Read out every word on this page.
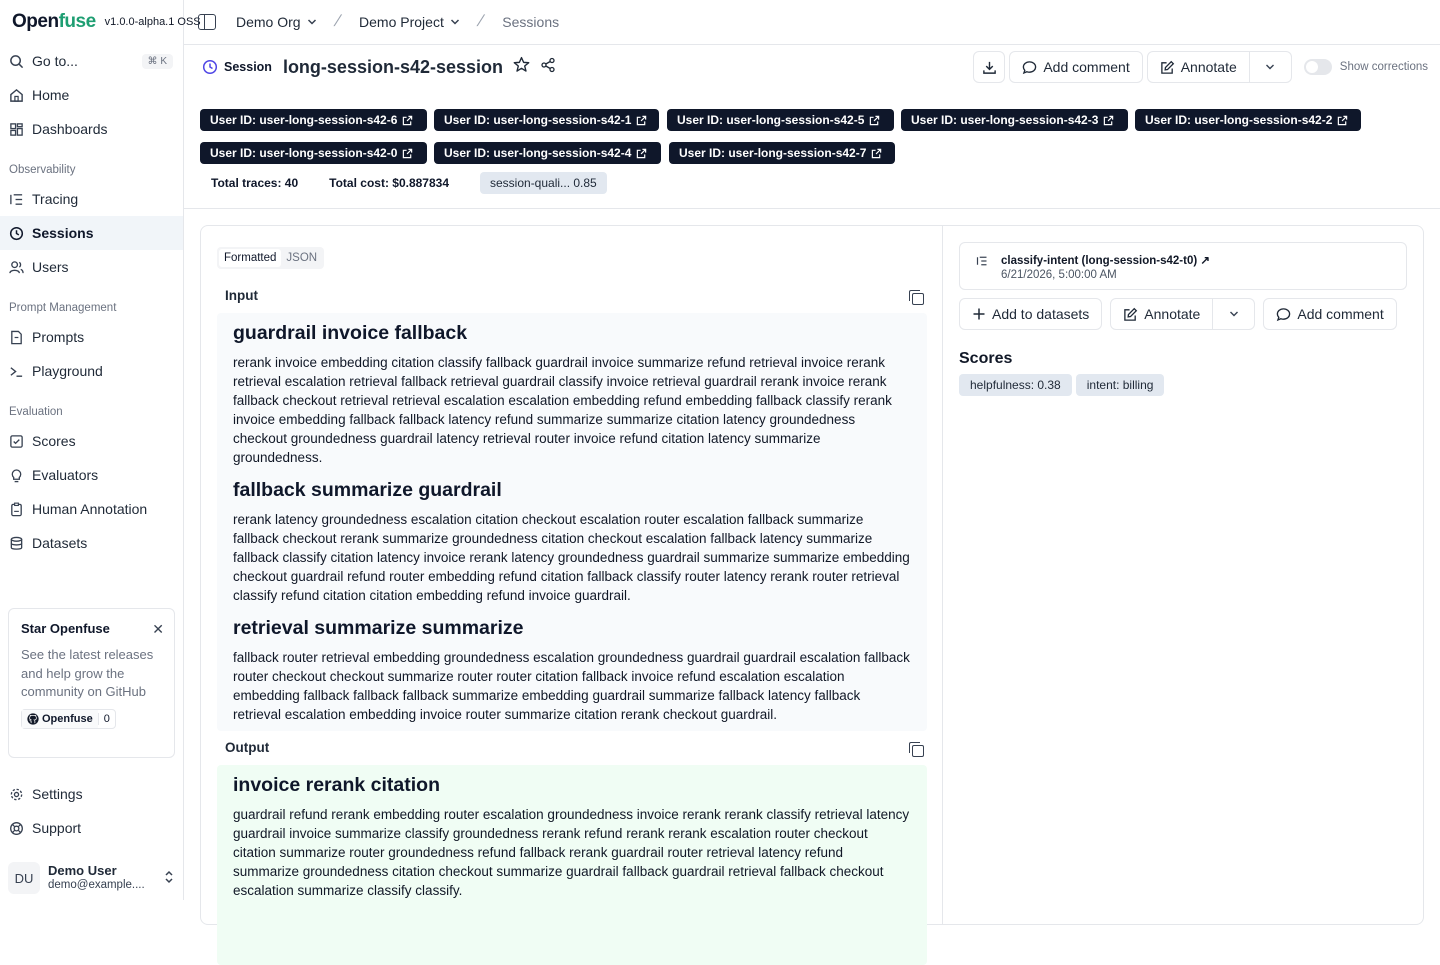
Openfuse v1.0.0-alpha.1 OSS
Go to...	⌘ K
Home
Dashboards
Observability
Tracing
Sessions
Users
Prompt Management
Prompts
Playground
Evaluation
Scores
Evaluators
Human Annotation
Datasets
Star Openfuse	✕
See the latest releases and help grow the community on GitHub
Openfuse	0
Settings
Support
DU	Demo User
demo@example....
Demo Org / Demo Project / Sessions
Session long-session-s42-session	Add comment	Annotate	Show corrections
User ID: user-long-session-s42-6	User ID: user-long-session-s42-1	User ID: user-long-session-s42-5	User ID: user-long-session-s42-3	User ID: user-long-session-s42-2
User ID: user-long-session-s42-0	User ID: user-long-session-s42-4	User ID: user-long-session-s42-7
Total traces: 40	Total cost: $0.887834	session-quali... 0.85
Formatted JSON
Input
guardrail invoice fallback

rerank invoice embedding citation classify fallback guardrail invoice summarize refund retrieval invoice rerank retrieval escalation retrieval fallback retrieval guardrail classify invoice retrieval guardrail rerank invoice rerank fallback checkout retrieval retrieval escalation escalation embedding refund embedding fallback classify rerank invoice embedding fallback fallback latency refund summarize summarize citation latency groundedness checkout groundedness guardrail latency retrieval router invoice refund citation latency summarize groundedness.

fallback summarize guardrail

rerank latency groundedness escalation citation checkout escalation router escalation fallback summarize fallback checkout rerank summarize groundedness citation checkout escalation fallback latency summarize fallback classify citation latency invoice rerank latency groundedness guardrail summarize summarize embedding checkout guardrail refund router embedding refund citation fallback classify router latency rerank router retrieval classify refund citation citation embedding refund invoice guardrail.

retrieval summarize summarize

fallback router retrieval embedding groundedness escalation groundedness guardrail guardrail escalation fallback router checkout checkout summarize router router citation fallback invoice refund escalation escalation embedding fallback fallback fallback summarize embedding guardrail summarize fallback latency fallback retrieval escalation embedding invoice router summarize citation rerank checkout guardrail.

Output
invoice rerank citation

guardrail refund rerank embedding router escalation groundedness invoice rerank rerank classify retrieval latency guardrail invoice summarize classify groundedness rerank refund rerank rerank escalation router checkout citation summarize router groundedness refund fallback rerank guardrail router retrieval latency refund summarize groundedness citation checkout summarize guardrail fallback guardrail retrieval fallback checkout escalation summarize classify classify.

classify-intent (long-session-s42-t0) ↗
6/21/2026, 5:00:00 AM
Add to datasets	Annotate	Add comment
Scores
helpfulness: 0.38	intent: billing
